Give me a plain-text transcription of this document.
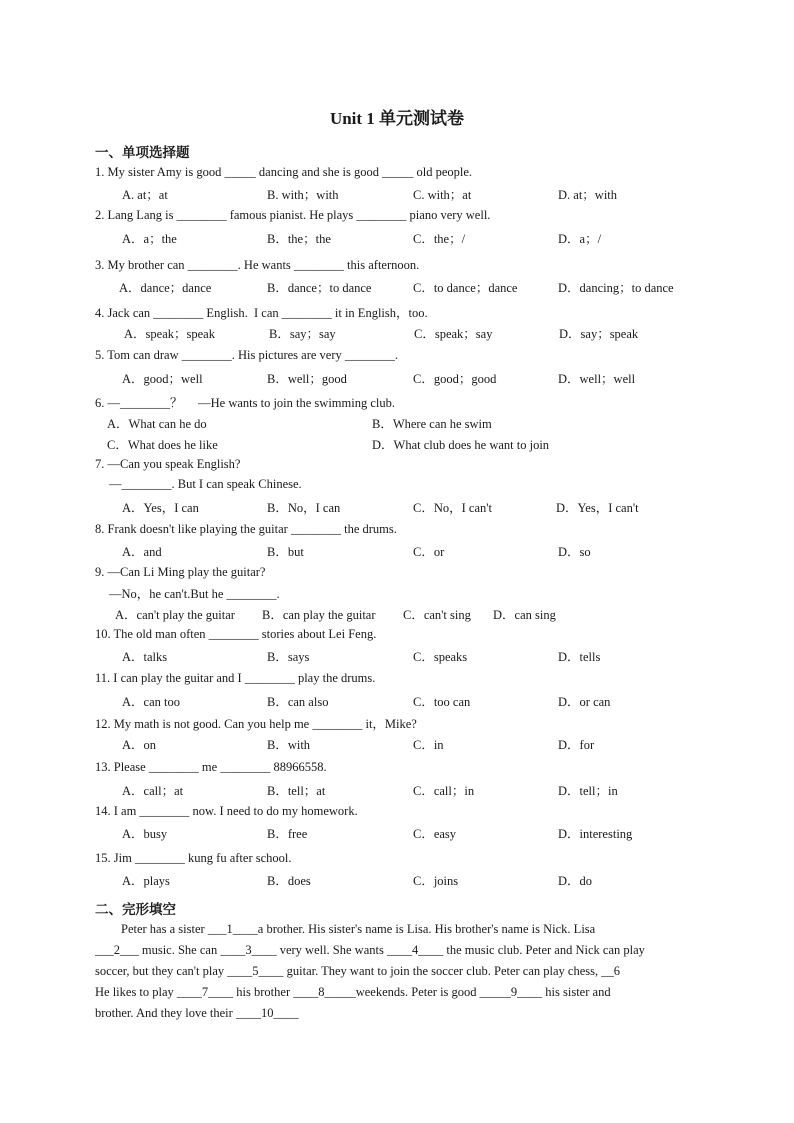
Unit 1 单元测试卷
一、单项选择题
1. My sister Amy is good _____ dancing and she is good _____ old people.
A. at；at	B. with；with	C. with；at	D. at；with
2. Lang Lang is ________ famous pianist. He plays ________ piano very well.
A．a；the	B．the；the	C．the；/	D．a；/
3. My brother can ________. He wants ________ this afternoon.
A．dance；dance	B．dance；to dance	C．to dance；dance	D．dancing；to dance
4. Jack can ________ English.  I can ________ it in English，too.
A．speak；speak	B．say；say	C．speak；say	D．say；speak
5. Tom can draw ________. His pictures are very ________.
A．good；well	B．well；good	C．good；good	D．well；well
6. —________？     —He wants to join the swimming club.
A．What can he do	B．Where can he swim
C．What does he like	D．What club does he want to join
7. —Can you speak English?
—________. But I can speak Chinese.
A．Yes，I can	B．No，I can	C．No，I can't	D．Yes，I can't
8. Frank doesn't like playing the guitar ________ the drums.
A．and	B．but	C．or	D．so
9. —Can Li Ming play the guitar?
—No，he can't.But he ________.
A．can't play the guitar B．can play the guitar C．can't sing D．can sing
10. The old man often ________ stories about Lei Feng.
A．talks	B．says	C．speaks	D．tells
11. I can play the guitar and I ________ play the drums.
A．can too	B．can also	C．too can	D．or can
12. My math is not good. Can you help me ________ it，Mike?
A．on	B．with	C．in	D．for
13. Please ________ me ________ 88966558.
A．call；at	B．tell；at	C．call；in	D．tell；in
14. I am ________ now. I need to do my homework.
A．busy	B．free	C．easy	D．interesting
15. Jim ________ kung fu after school.
A．plays	B．does	C．joins	D．do
二、完形填空
Peter has a sister ___1____a brother. His sister's name is Lisa. His brother's name is Nick. Lisa
___2___ music. She can ____3____ very well. She wants ____4____ the music club. Peter and Nick can play
soccer, but they can't play ____5____ guitar. They want to join the soccer club. Peter can play chess, __6
He likes to play ____7____ his brother ____8_____weekends. Peter is good _____9____ his sister and
brother. And they love their ____10____
